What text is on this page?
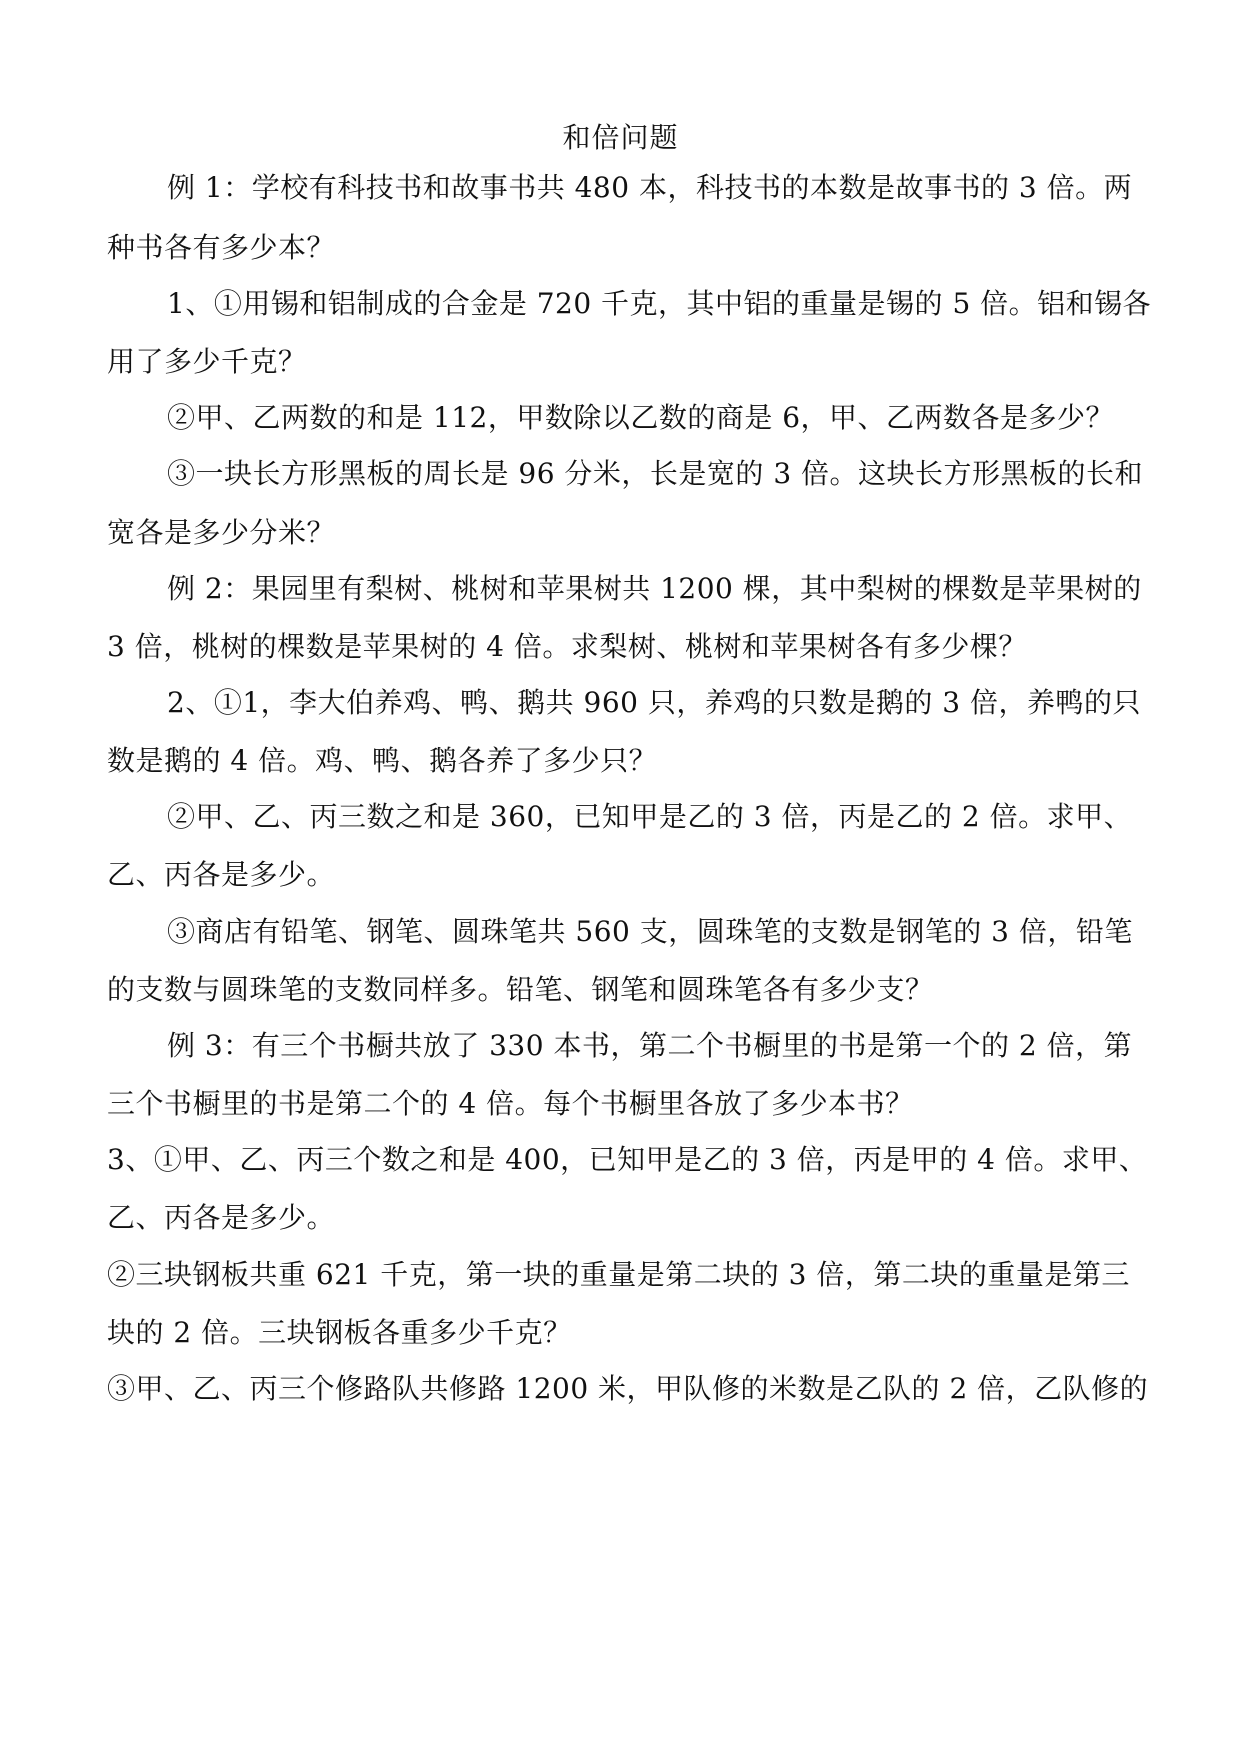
和倍问题
例 1：学校有科技书和故事书共 480 本，科技书的本数是故事书的 3 倍。两
种书各有多少本？
1、①用锡和铝制成的合金是 720 千克，其中铝的重量是锡的 5 倍。铝和锡各
用了多少千克？
②甲、乙两数的和是 112，甲数除以乙数的商是 6，甲、乙两数各是多少？
③一块长方形黑板的周长是 96 分米，长是宽的 3 倍。这块长方形黑板的长和
宽各是多少分米？
例 2：果园里有梨树、桃树和苹果树共 1200 棵，其中梨树的棵数是苹果树的
3 倍，桃树的棵数是苹果树的 4 倍。求梨树、桃树和苹果树各有多少棵？
2、①1，李大伯养鸡、鸭、鹅共 960 只，养鸡的只数是鹅的 3 倍，养鸭的只
数是鹅的 4 倍。鸡、鸭、鹅各养了多少只？
②甲、乙、丙三数之和是 360，已知甲是乙的 3 倍，丙是乙的 2 倍。求甲、
乙、丙各是多少。
③商店有铅笔、钢笔、圆珠笔共 560 支，圆珠笔的支数是钢笔的 3 倍，铅笔
的支数与圆珠笔的支数同样多。铅笔、钢笔和圆珠笔各有多少支？
例 3：有三个书橱共放了 330 本书，第二个书橱里的书是第一个的 2 倍，第
三个书橱里的书是第二个的 4 倍。每个书橱里各放了多少本书？
3、①甲、乙、丙三个数之和是 400，已知甲是乙的 3 倍，丙是甲的 4 倍。求甲、
乙、丙各是多少。
②三块钢板共重 621 千克，第一块的重量是第二块的 3 倍，第二块的重量是第三
块的 2 倍。三块钢板各重多少千克？
③甲、乙、丙三个修路队共修路 1200 米，甲队修的米数是乙队的 2 倍，乙队修的
